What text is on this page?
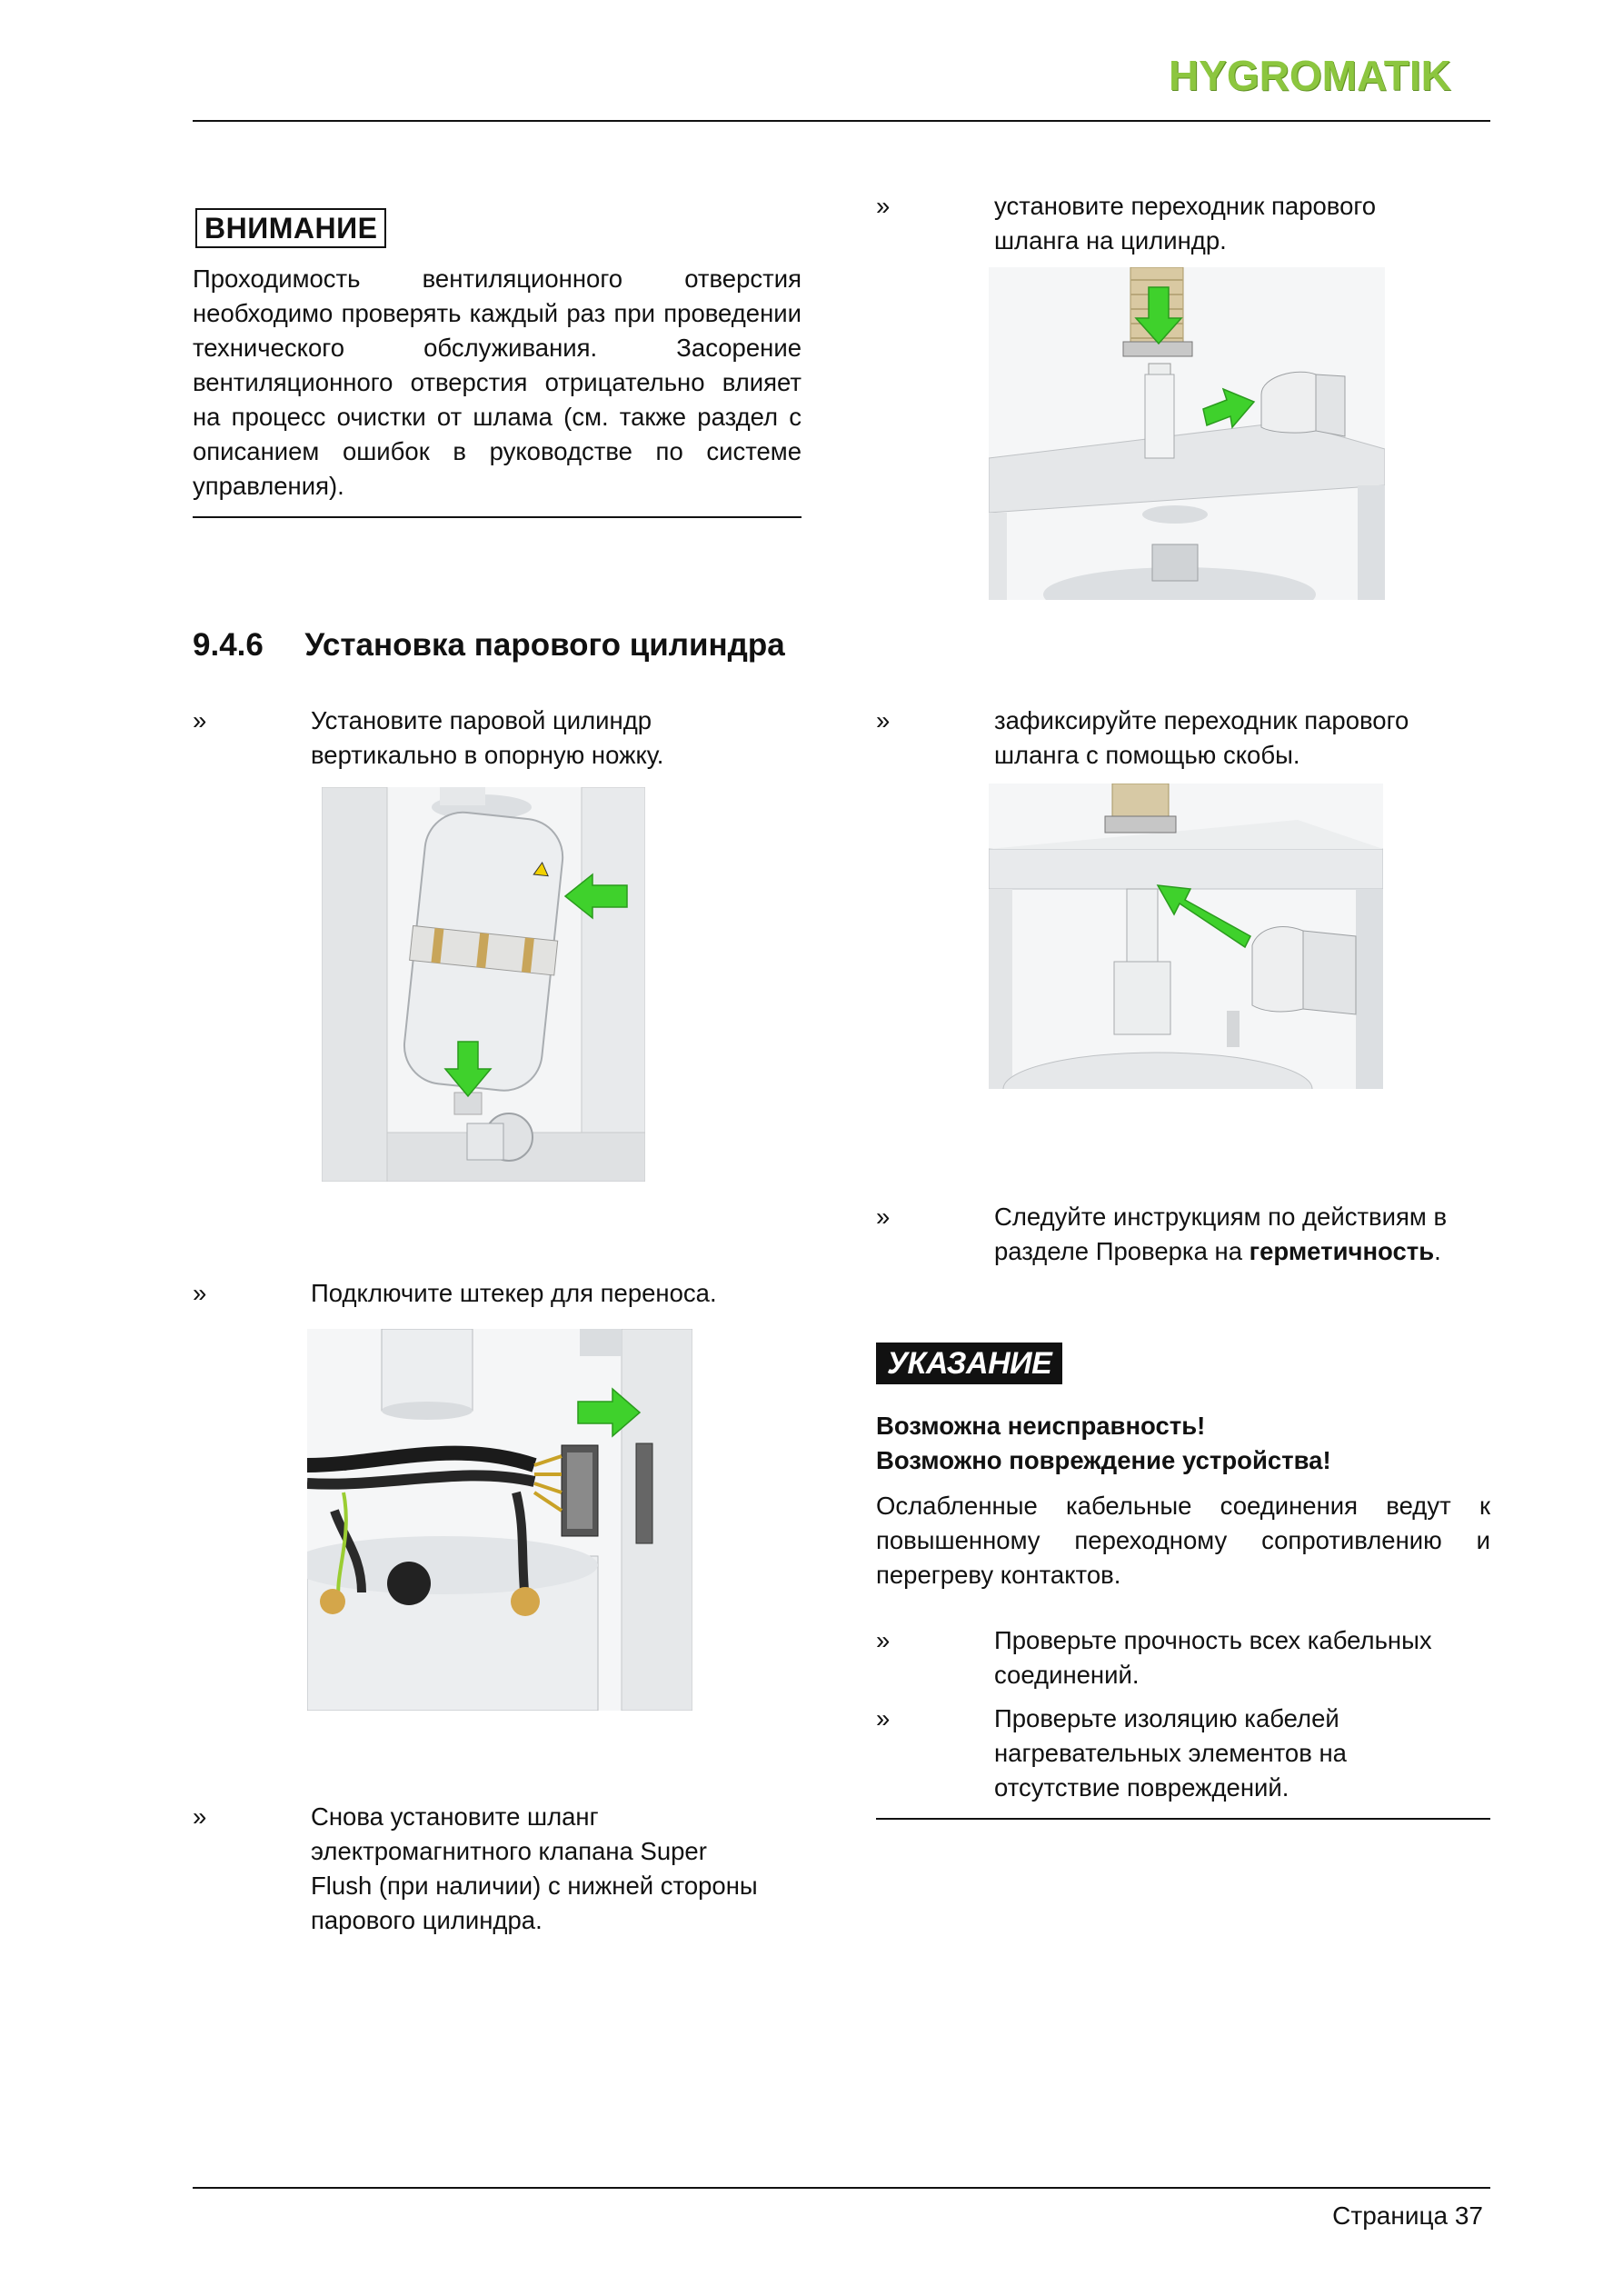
HYGROMATIK
ВНИМАНИЕ
Проходимость вентиляционного отверстия необходимо проверять каждый раз при проведении технического обслуживания. Засорение вентиляционного отверстия отрицательно влияет на процесс очистки от шлама (см. также раздел с описанием ошибок в руководстве по системе управления).
9.4.6 Установка парового цилиндра
»	Установите паровой цилиндр вертикально в опорную ножку.
»	Подключите штекер для переноса.
»	Снова установите шланг электромагнитного клапана Super Flush (при наличии) с нижней стороны парового цилиндра.
»	установите переходник парового шланга на цилиндр.
»	зафиксируйте переходник парового шланга с помощью скобы.
»	Следуйте инструкциям по действиям в разделе Проверка на герметичность.
УКАЗАНИЕ
Возможна неисправность!
Возможно повреждение устройства!
Ослабленные кабельные соединения ведут к повышенному переходному сопротивлению и перегреву контактов.
»	Проверьте прочность всех кабельных соединений.
»	Проверьте изоляцию кабелей нагревательных элементов на отсутствие повреждений.
Страница 37
